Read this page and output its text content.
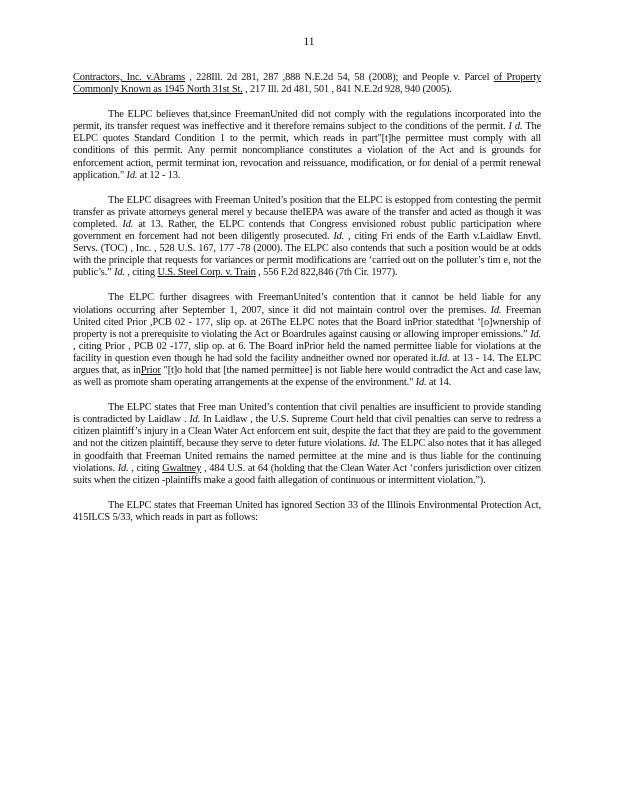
11

Contractors, Inc. v.Abrams , 228Ill. 2d 281, 287 ,888 N.E.2d 54, 58 (2008); and People v. Parcel of Property Commonly Known as 1945 North 31st St. , 217 Ill. 2d 481, 501 , 841 N.E.2d 928, 940 (2005).

The ELPC believes that,since FreemanUnited did not comply with the regulations incorporated into the permit, its transfer request was ineffective and it therefore remains subject to the conditions of the permit. I d. The ELPC quotes Standard Condition 1 to the permit, which reads in part"[t]he permittee must comply with all conditions of this permit. Any permit noncompliance constitutes a violation of the Act and is grounds for enforcement action, permit terminat ion, revocation and reissuance, modification, or for denial of a permit renewal application." Id. at 12 - 13.

The ELPC disagrees with Freeman United’s position that the ELPC is estopped from contesting the permit transfer as private attorneys general merel y because theIEPA was aware of the transfer and acted as though it was completed. Id. at 13. Rather, the ELPC contends that Congress envisioned robust public participation where government en forcement had not been diligently prosecuted. Id. , citing Fri ends of the Earth v.Laidlaw Envtl. Servs. (TOC) , Inc. , 528 U.S. 167, 177 -78 (2000). The ELPC also contends that such a position would be at odds with the principle that requests for variances or permit modifications are ‘carried out on the polluter’s tim e, not the public’s.” Id. , citing U.S. Steel Corp. v. Train , 556 F.2d 822,846 (7th Cir. 1977).

The ELPC further disagrees with FreemanUnited’s contention that it cannot be held liable for any violations occurring after September 1, 2007, since it did not maintain control over the premises. Id. Freeman United cited Prior ,PCB 02 - 177, slip op. at 26The ELPC notes that the Board inPrior statedthat ‘[o]wnership of property is not a prerequisite to violating the Act or Boardrules against causing or allowing improper emissions.” Id. , citing Prior , PCB 02 -177, slip op. at 6. The Board inPrior held the named permittee liable for violations at the facility in question even though he had sold the facility andneither owned nor operated it.Id. at 13 - 14. The ELPC argues that, as inPrior "[t]o hold that [the named permittee] is not liable here would contradict the Act and case law, as well as promote sham operating arrangements at the expense of the environment." Id. at 14.

The ELPC states that Free man United’s contention that civil penalties are insufficient to provide standing is contradicted by Laidlaw . Id. In Laidlaw , the U.S. Supreme Court held that civil penalties can serve to redress a citizen plaintiff’s injury in a Clean Water Act enforcem ent suit, despite the fact that they are paid to the government and not the citizen plaintiff, because they serve to deter future violations. Id. The ELPC also notes that it has alleged in goodfaith that Freeman United remains the named permittee at the mine and is thus liable for the continuing violations. Id. , citing Gwaltney , 484 U.S. at 64 (holding that the Clean Water Act ‘confers jurisdiction over citizen suits when the citizen -plaintiffs make a good faith allegation of continuous or intermittent violation.”).

The ELPC states that Freeman United has ignored Section 33 of the Illinois Environmental Protection Act, 415ILCS 5/33, which reads in part as follows:
